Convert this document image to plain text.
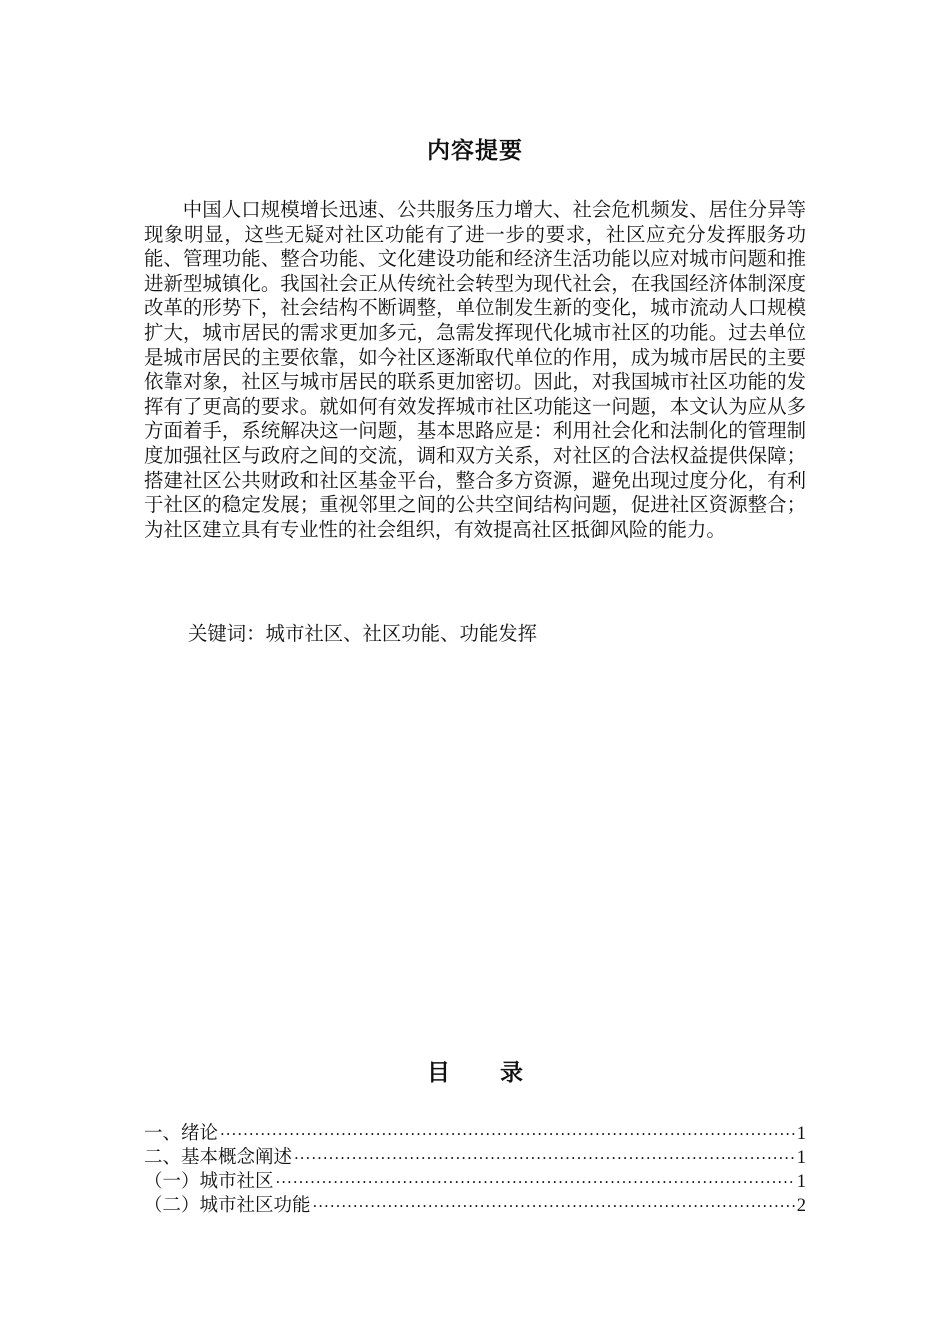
内容提要

中国人口规模增长迅速、公共服务压力增大、社会危机频发、居住分异等现象明显，这些无疑对社区功能有了进一步的要求，社区应充分发挥服务功能、管理功能、整合功能、文化建设功能和经济生活功能以应对城市问题和推进新型城镇化。我国社会正从传统社会转型为现代社会，在我国经济体制深度改革的形势下，社会结构不断调整，单位制发生新的变化，城市流动人口规模扩大，城市居民的需求更加多元，急需发挥现代化城市社区的功能。过去单位是城市居民的主要依靠，如今社区逐渐取代单位的作用，成为城市居民的主要依靠对象，社区与城市居民的联系更加密切。因此，对我国城市社区功能的发挥有了更高的要求。就如何有效发挥城市社区功能这一问题，本文认为应从多方面着手，系统解决这一问题，基本思路应是：利用社会化和法制化的管理制度加强社区与政府之间的交流，调和双方关系，对社区的合法权益提供保障；搭建社区公共财政和社区基金平台，整合多方资源，避免出现过度分化，有利于社区的稳定发展；重视邻里之间的公共空间结构问题，促进社区资源整合；为社区建立具有专业性的社会组织，有效提高社区抵御风险的能力。

关键词：城市社区、社区功能、功能发挥
目 录
一、绪论 ·····	1
二、基本概念阐述 ·····	1
（一）城市社区 ·····	1
（二）城市社区功能 ·····	2
